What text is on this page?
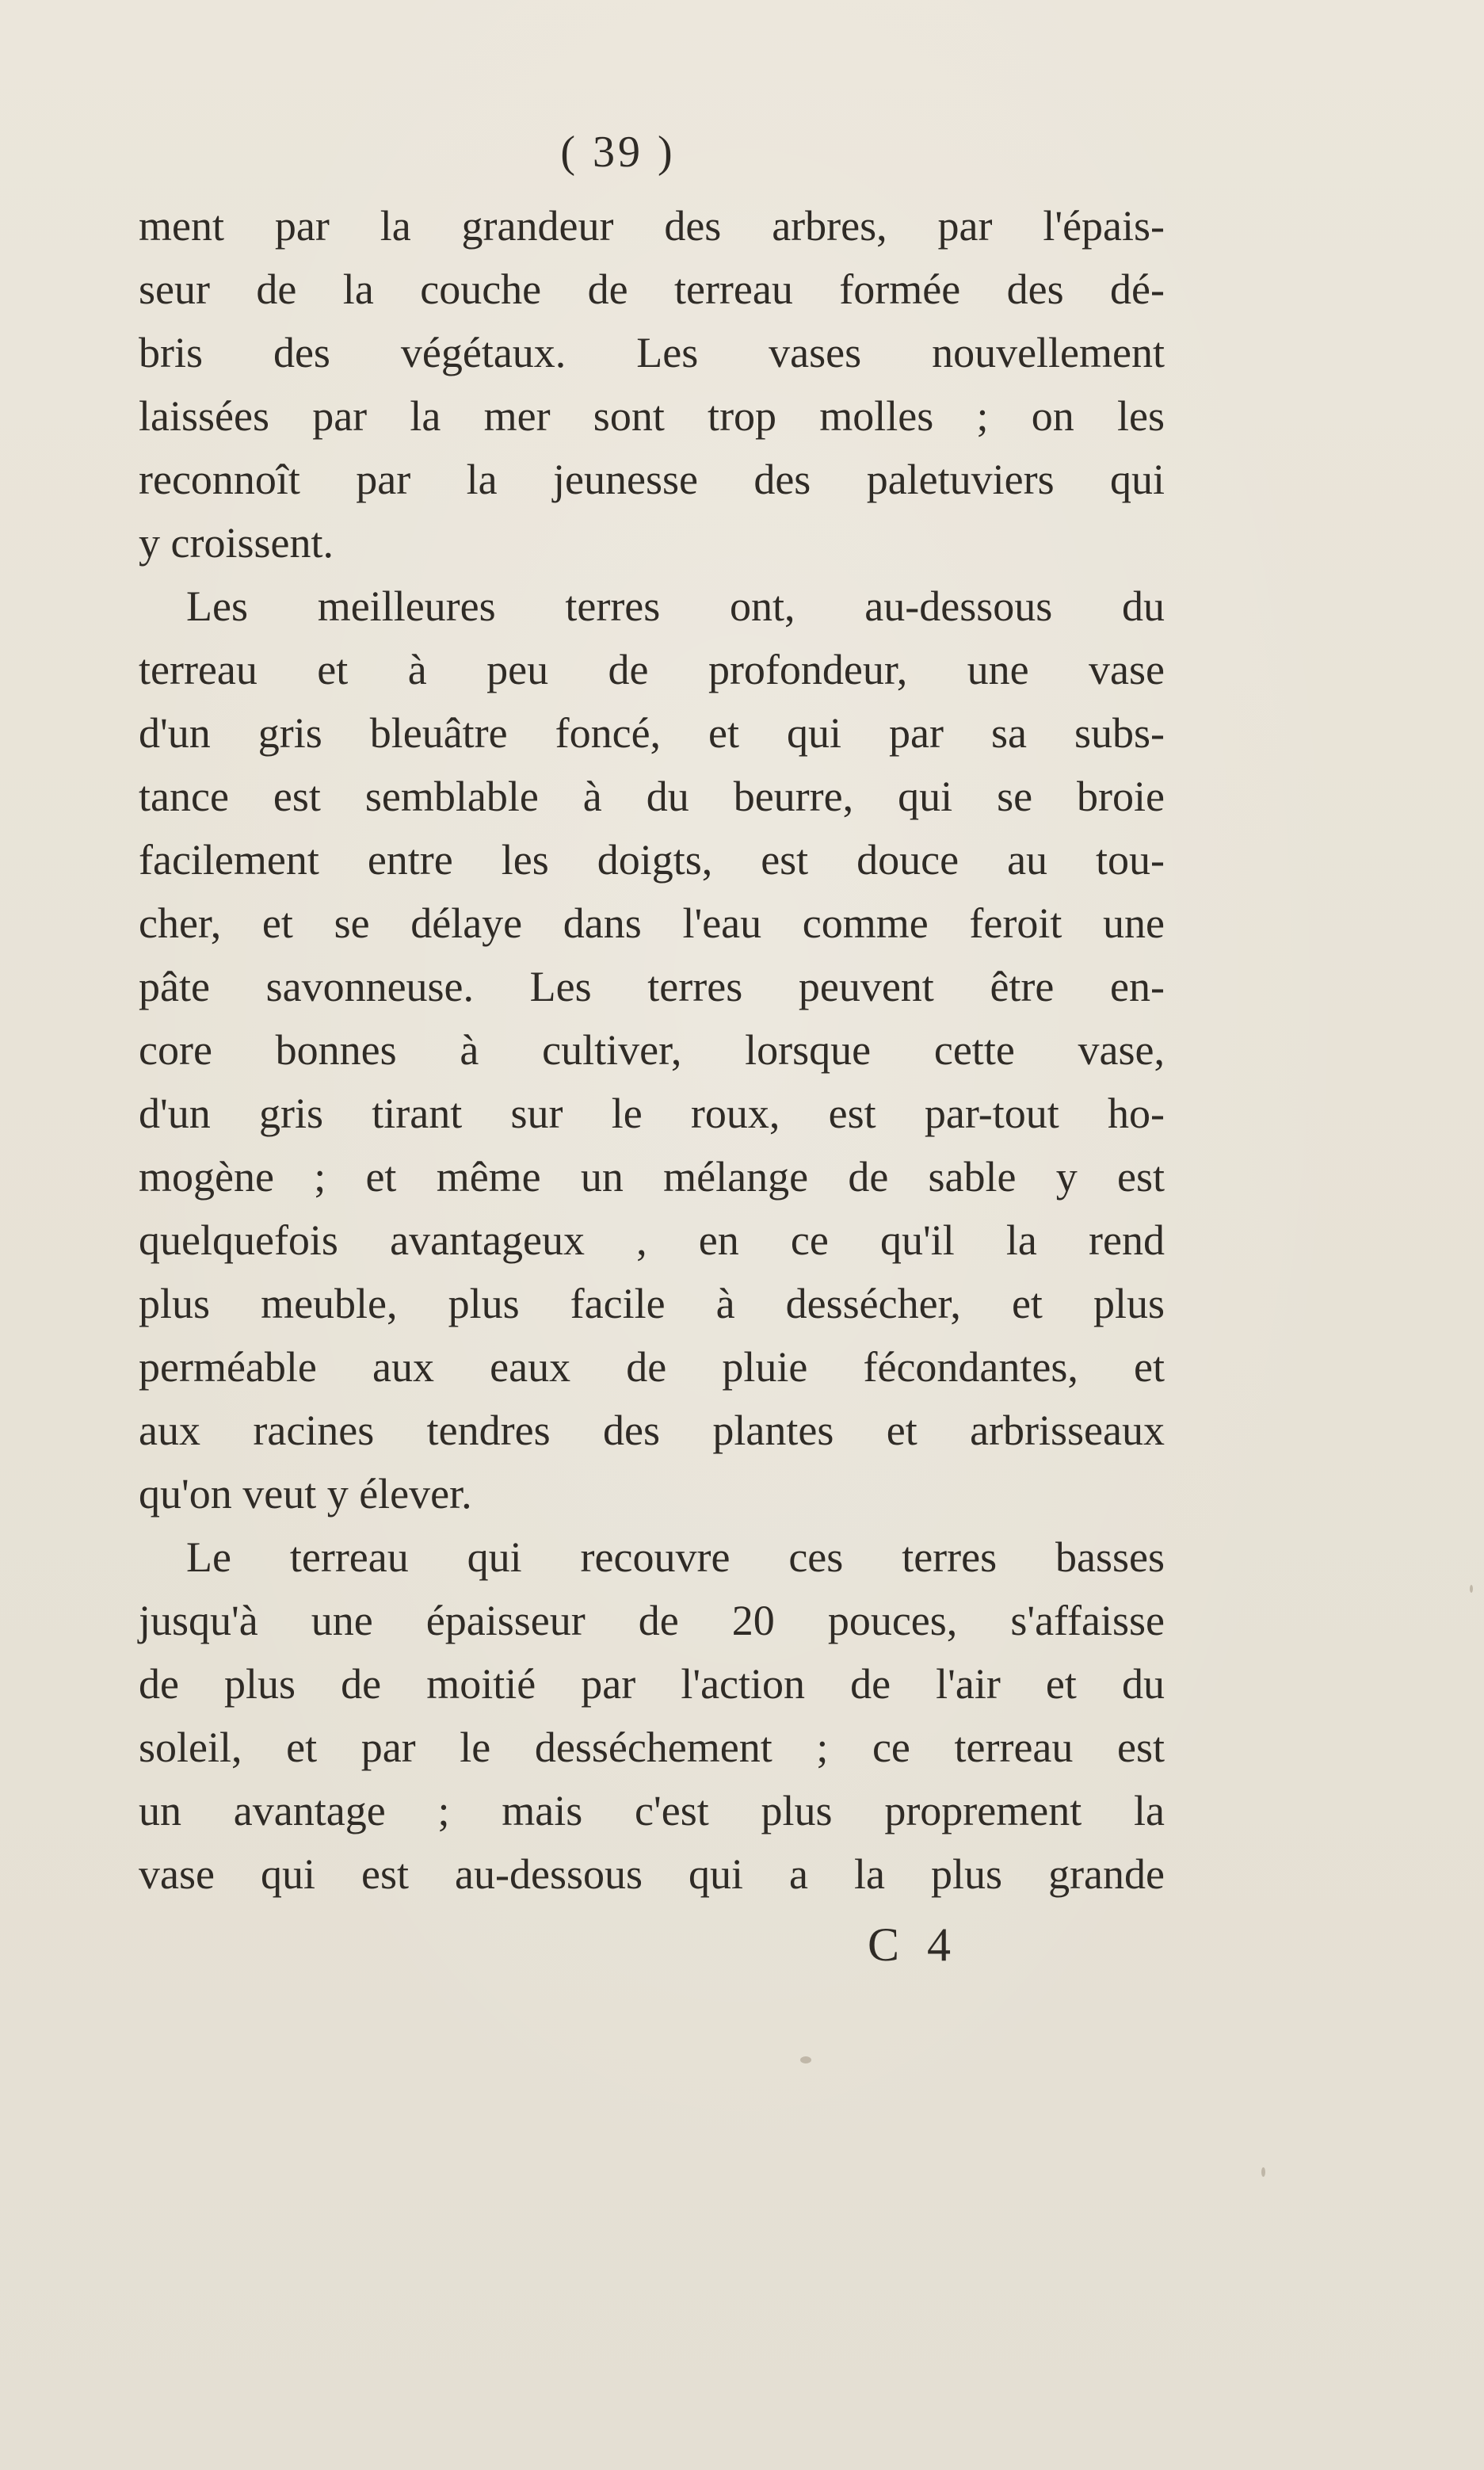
( 39 )
ment par la grandeur des arbres, par l'épais-
seur de la couche de terreau formée des dé-
bris des végétaux. Les vases nouvellement
laissées par la mer sont trop molles ; on les
reconnoît par la jeunesse des paletuviers qui
y croissent.
Les meilleures terres ont, au-dessous du
terreau et à peu de profondeur, une vase
d'un gris bleuâtre foncé, et qui par sa subs-
tance est semblable à du beurre, qui se broie
facilement entre les doigts, est douce au tou-
cher, et se délaye dans l'eau comme feroit une
pâte savonneuse. Les terres peuvent être en-
core bonnes à cultiver, lorsque cette vase,
d'un gris tirant sur le roux, est par-tout ho-
mogène ; et même un mélange de sable y est
quelquefois avantageux , en ce qu'il la rend
plus meuble, plus facile à dessécher, et plus
perméable aux eaux de pluie fécondantes, et
aux racines tendres des plantes et arbrisseaux
qu'on veut y élever.
Le terreau qui recouvre ces terres basses
jusqu'à une épaisseur de 20 pouces, s'affaisse
de plus de moitié par l'action de l'air et du
soleil, et par le desséchement ; ce terreau est
un avantage ; mais c'est plus proprement la
vase qui est au-dessous qui a la plus grande
C 4
